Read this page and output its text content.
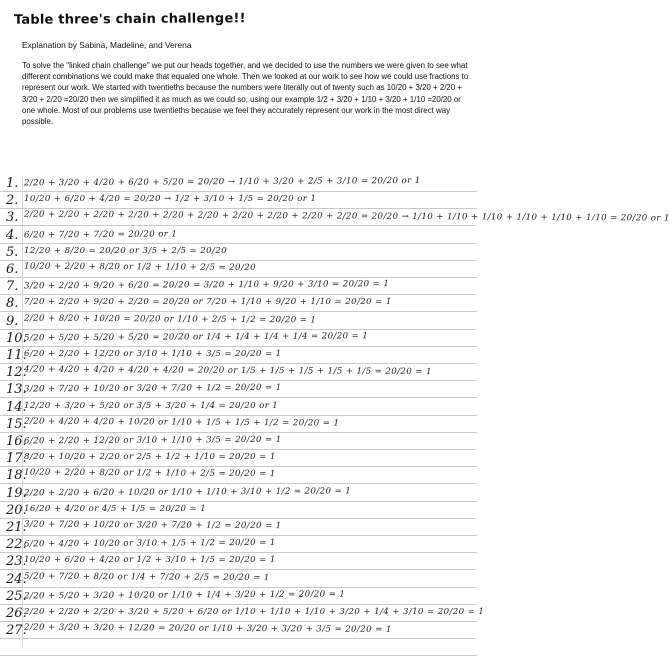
Table three's chain challenge!!
Explanation by Sabina, Madeline, and Verena
To solve the "linked chain challenge" we put our heads together, and we decided to use the numbers we were given to see what different combinations we could make that equaled one whole. Then we looked at our work to see how we could use fractions to represent our work. We started with twentieths because the numbers were literally out of twenty such as 10/20 + 3/20 + 2/20 + 3/20 + 2/20 =20/20 then we simplified it as much as we could so, using our example 1/2 + 3/20 + 1/10 + 3/20 + 1/10 =20/20 or one whole. Most of our problems use twentieths because we feel they accurately represent our work in the most direct way possible.
1. 2/20 + 3/20 + 4/20 + 6/20 + 5/20 = 20/20 → 1/10 + 3/20 + 2/5 + 3/10 = 20/20 or 1
2. 10/20 + 6/20 + 4/20 = 20/20 → 1/2 + 3/10 + 1/5 = 20/20 or 1
3. 2/20 + 2/20 + 2/20 + 2/20 + 2/20 + 2/20 + 2/20 + 2/20 + 2/20 + 2/20 = 20/20 → 1/10 + 1/10 + 1/10 + 1/10 + 1/10 + 1/10 = 20/20 or 1
4. 6/20 + 7/20 + 7/20 = 20/20 or 1
5. 12/20 + 8/20 = 20/20 or 3/5 + 2/5 = 20/20
6. 10/20 + 2/20 + 8/20 or 1/2 + 1/10 + 2/5 = 20/20
7. 3/20 + 2/20 + 9/20 + 6/20 = 20/20 = 3/20 + 1/10 + 9/20 + 3/10 = 20/20 = 1
8. 7/20 + 2/20 + 9/20 + 2/20 = 20/20 or 7/20 + 1/10 + 9/20 + 1/10 = 20/20 = 1
9. 2/20 + 8/20 + 10/20 = 20/20 or 1/10 + 2/5 + 1/2 = 20/20 = 1
10.
5/20 + 5/20 + 5/20 + 5/20 = 20/20 or 1/4 + 1/4 + 1/4 + 1/4 = 20/20 = 1
11.
6/20 + 2/20 + 12/20 or 3/10 + 1/10 + 3/5 = 20/20 = 1
12.
4/20 + 4/20 + 4/20 + 4/20 + 4/20 = 20/20 or 1/5 + 1/5 + 1/5 + 1/5 + 1/5 = 20/20 = 1
13.
3/20 + 7/20 + 10/20 or 3/20 + 7/20 + 1/2 = 20/20 = 1
14.
12/20 + 3/20 + 5/20 or 3/5 + 3/20 + 1/4 = 20/20 or 1
15.
2/20 + 4/20 + 4/20 + 10/20 or 1/10 + 1/5 + 1/5 + 1/2 = 20/20 = 1
16.
6/20 + 2/20 + 12/20 or 3/10 + 1/10 + 3/5 = 20/20 = 1
17.
8/20 + 10/20 + 2/20 or 2/5 + 1/2 + 1/10 = 20/20 = 1
18.
10/20 + 2/20 + 8/20 or 1/2 + 1/10 + 2/5 = 20/20 = 1
19.
2/20 + 2/20 + 6/20 + 10/20 or 1/10 + 1/10 + 3/10 + 1/2 = 20/20 = 1
20.
16/20 + 4/20 or 4/5 + 1/5 = 20/20 = 1
21.
3/20 + 7/20 + 10/20 or 3/20 + 7/20 + 1/2 = 20/20 = 1
22.
6/20 + 4/20 + 10/20 or 3/10 + 1/5 + 1/2 = 20/20 = 1
23.
10/20 + 6/20 + 4/20 or 1/2 + 3/10 + 1/5 = 20/20 = 1
24.
5/20 + 7/20 + 8/20 or 1/4 + 7/20 + 2/5 = 20/20 = 1
25.
2/20 + 5/20 + 3/20 + 10/20 or 1/10 + 1/4 + 3/20 + 1/2 = 20/20 = 1
26.
2/20 + 2/20 + 2/20 + 3/20 + 5/20 + 6/20 or 1/10 + 1/10 + 1/10 + 3/20 + 1/4 + 3/10 = 20/20 = 1
27.
2/20 + 3/20 + 3/20 + 12/20 = 20/20 or 1/10 + 3/20 + 3/20 + 3/5 = 20/20 = 1
